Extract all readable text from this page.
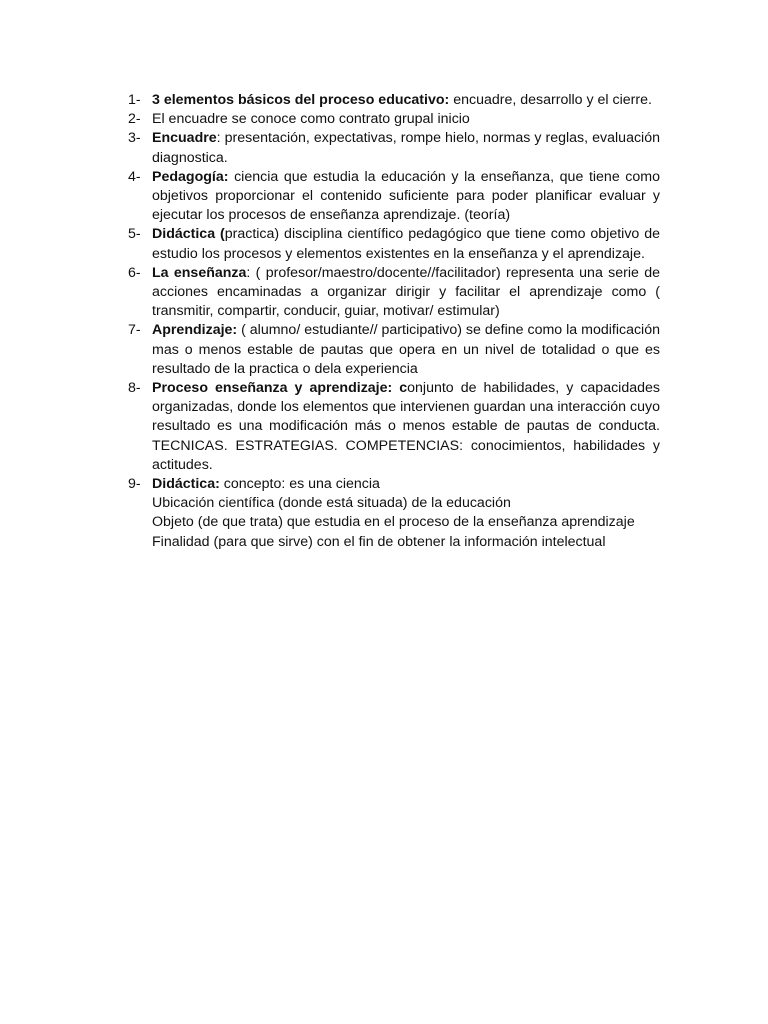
1- 3 elementos básicos del proceso educativo: encuadre, desarrollo y el cierre.
2- El encuadre se conoce como contrato grupal inicio
3- Encuadre: presentación, expectativas, rompe hielo, normas y reglas, evaluación diagnostica.
4- Pedagogía: ciencia que estudia la educación y la enseñanza, que tiene como objetivos proporcionar el contenido suficiente para poder planificar evaluar y ejecutar los procesos de enseñanza aprendizaje. (teoría)
5- Didáctica (practica) disciplina científico pedagógico que tiene como objetivo de estudio los procesos y elementos existentes en la enseñanza y el aprendizaje.
6- La enseñanza: ( profesor/maestro/docente//facilitador) representa una serie de acciones encaminadas a organizar dirigir y facilitar el aprendizaje como ( transmitir, compartir, conducir, guiar, motivar/ estimular)
7- Aprendizaje: ( alumno/ estudiante// participativo) se define como la modificación mas o menos estable de pautas que opera en un nivel de totalidad o que es resultado de la practica o dela experiencia
8- Proceso enseñanza y aprendizaje: conjunto de habilidades, y capacidades organizadas, donde los elementos que intervienen guardan una interacción cuyo resultado es una modificación más o menos estable de pautas de conducta. TECNICAS. ESTRATEGIAS. COMPETENCIAS: conocimientos, habilidades y actitudes.
9- Didáctica: concepto: es una ciencia
Ubicación científica (donde está situada) de la educación
Objeto (de que trata) que estudia en el proceso de la enseñanza aprendizaje
Finalidad (para que sirve) con el fin de obtener la información intelectual
